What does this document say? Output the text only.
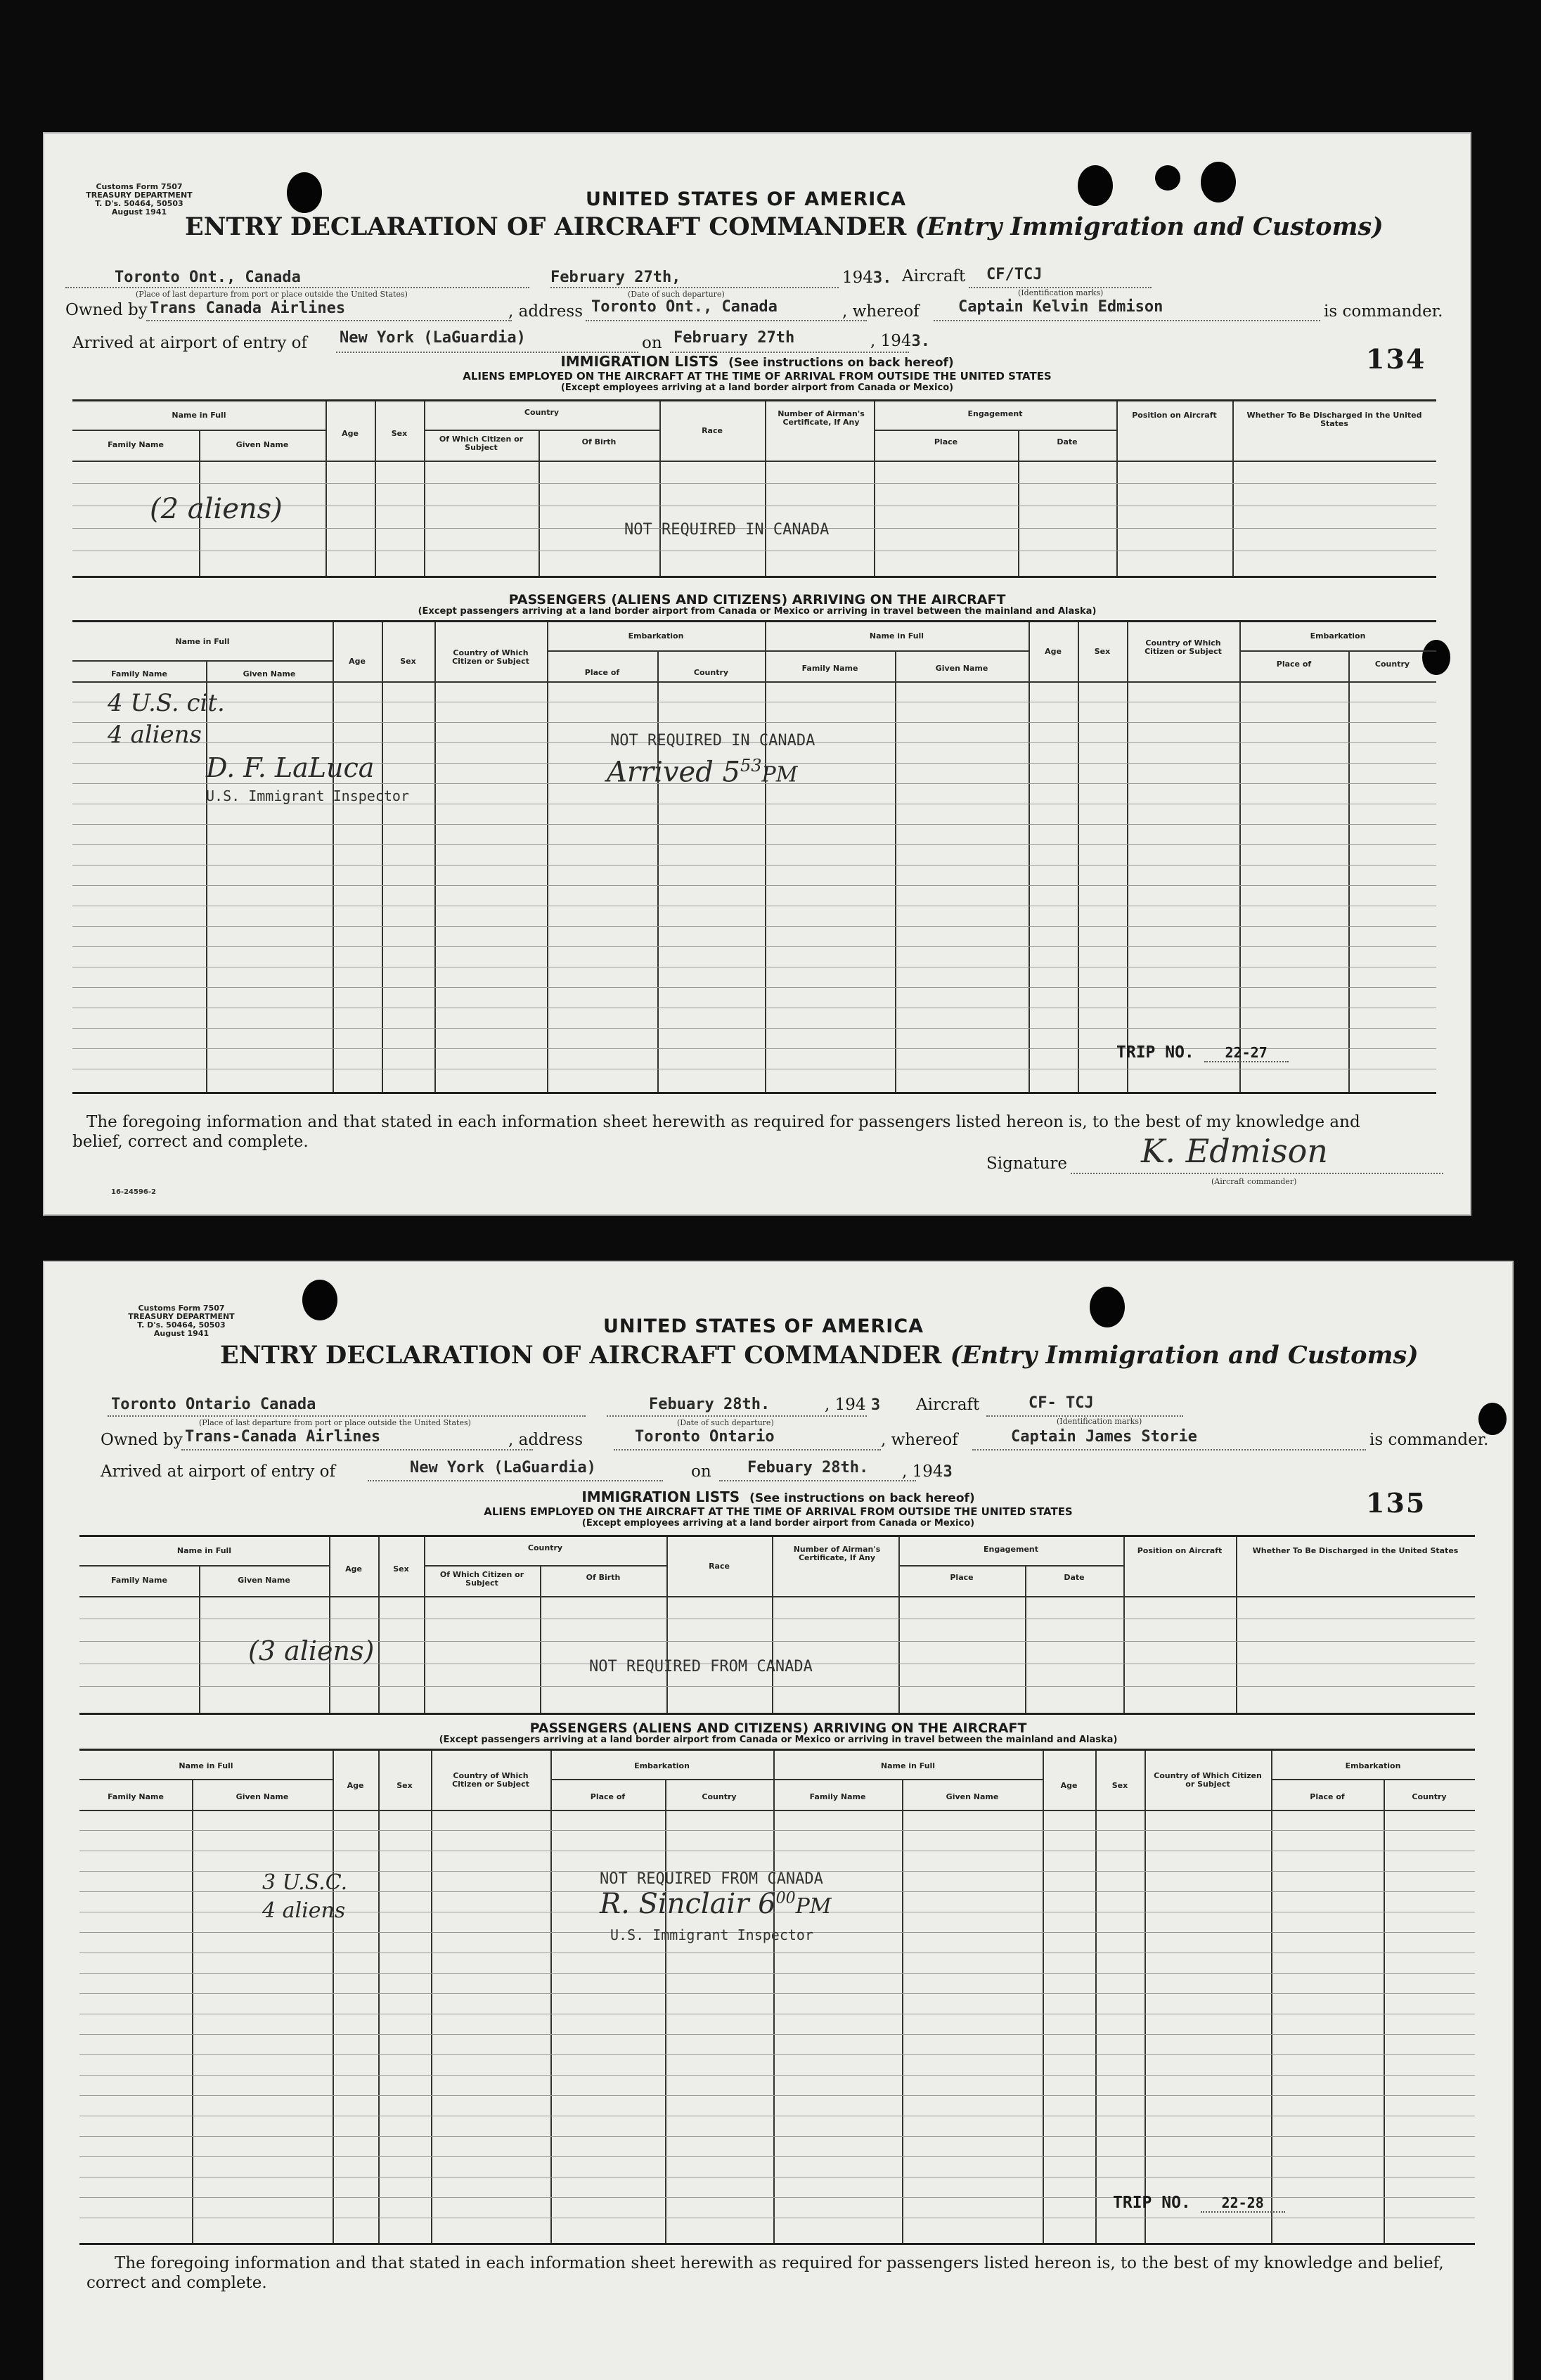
Customs Form 7507
TREASURY DEPARTMENT
T. D's. 50464, 50503
August 1941
UNITED STATES OF AMERICA
ENTRY DECLARATION OF AIRCRAFT COMMANDER (Entry Immigration and Customs)
Toronto Ont., Canada
(Place of last departure from port or place outside the United States)
February 27th,
(Date of such departure)
1943. Aircraft CF/TCJ
(Identification marks)
Owned by Trans Canada Airlines	, address Toronto Ont., Canada	, whereof	Captain Kelvin Edmison	is commander.
Arrived at airport of entry of New York (LaGuardia)	on February 27th	, 1943.
134
IMMIGRATION LISTS (See instructions on back hereof)
ALIENS EMPLOYED ON THE AIRCRAFT AT THE TIME OF ARRIVAL FROM OUTSIDE THE UNITED STATES
(Except employees arriving at a land border airport from Canada or Mexico)
Name in Full
Family Name	Given Name
Age	Sex
Country
Of Which Citizen or Subject
Of Birth
Race
Number of Airman's Certificate, If Any
Engagement
Place	Date
Position on Aircraft	Whether To Be Discharged in the United States
(2 aliens)
NOT REQUIRED IN CANADA
PASSENGERS (ALIENS AND CITIZENS) ARRIVING ON THE AIRCRAFT
(Except passengers arriving at a land border airport from Canada or Mexico or arriving in travel between the mainland and Alaska)
Name in Full
Family Name	Given Name
Age	Sex
Country of Which Citizen or Subject
Embarkation
Place of	Country
Name in Full
Family Name	Given Name
Age	Sex
Country of Which Citizen or Subject
Embarkation
Place of	Country
4 U.S. cit.
4 aliens
D. F. LaLuca
U.S. Immigrant Inspector
NOT REQUIRED IN CANADA
Arrived $5^{53}PM$
TRIP NO. 22-27
The foregoing information and that stated in each information sheet herewith as required for passengers listed hereon is, to the best of my knowledge and belief, correct and complete.
Signature K. Edmison
(Aircraft commander)
16-24596-2
Customs Form 7507
TREASURY DEPARTMENT
T. D's. 50464, 50503
August 1941	UNITED STATES OF AMERICA
ENTRY DECLARATION OF AIRCRAFT COMMANDER (Entry Immigration and Customs)
Toronto Ontario Canada
(Place of last departure from port or place outside the United States)
Febuary 28th.
(Date of such departure)
, 194 3 Aircraft	CF- TCJ
(Identification marks)
Owned by Trans-Canada Airlines	, address	Toronto Ontario	, whereof	Captain James Storie	is commander.
Arrived at airport of entry of	New York (LaGuardia)	on Febuary 28th. , 1943
135
IMMIGRATION LISTS (See instructions on back hereof)
ALIENS EMPLOYED ON THE AIRCRAFT AT THE TIME OF ARRIVAL FROM OUTSIDE THE UNITED STATES
(Except employees arriving at a land border airport from Canada or Mexico)
Name in Full
Family Name	Given Name
Age	Sex
Country
Of Which Citizen or Subject
Of Birth
Race
Number of Airman's Certificate, If Any
Engagement
Place	Date
Position on Aircraft	Whether To Be Discharged in the United States
(3 aliens)
NOT REQUIRED FROM CANADA
PASSENGERS (ALIENS AND CITIZENS) ARRIVING ON THE AIRCRAFT
(Except passengers arriving at a land border airport from Canada or Mexico or arriving in travel between the mainland and Alaska)
Name in Full
Family Name	Given Name
Age	Sex
Country of Which Citizen or Subject
Embarkation
Place of	Country
Name in Full
Family Name	Given Name
Age	Sex
Country of Which Citizen or Subject
Embarkation
Place of	Country
3 U.S.C.
4 aliens
NOT REQUIRED FROM CANADA
R. Sinclair $6^{00}PM$
U.S. Immigrant Inspector
TRIP NO. 22-28
The foregoing information and that stated in each information sheet herewith as required for passengers listed hereon is, to the best of my knowledge and belief, correct and complete.
